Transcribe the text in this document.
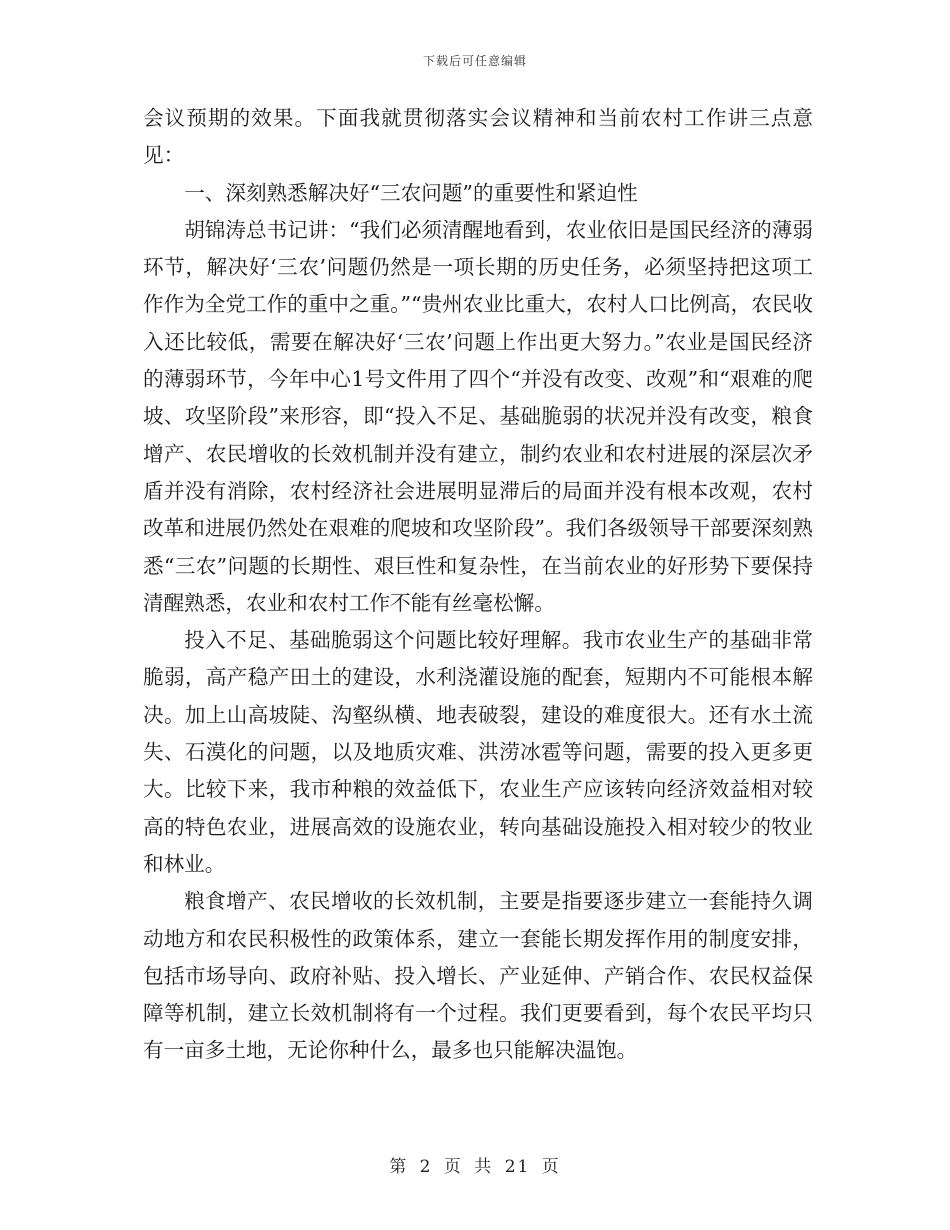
下载后可任意编辑

会议预期的效果。下面我就贯彻落实会议精神和当前农村工作讲三点意见：

一、深刻熟悉解决好“三农问题”的重要性和紧迫性

胡锦涛总书记讲：“我们必须清醒地看到，农业依旧是国民经济的薄弱环节，解决好‘三农’问题仍然是一项长期的历史任务，必须坚持把这项工作作为全党工作的重中之重。”“贵州农业比重大，农村人口比例高，农民收入还比较低，需要在解决好‘三农’问题上作出更大努力。”农业是国民经济的薄弱环节，今年中心1号文件用了四个“并没有改变、改观”和“艰难的爬坡、攻坚阶段”来形容，即“投入不足、基础脆弱的状况并没有改变，粮食增产、农民增收的长效机制并没有建立，制约农业和农村进展的深层次矛盾并没有消除，农村经济社会进展明显滞后的局面并没有根本改观，农村改革和进展仍然处在艰难的爬坡和攻坚阶段”。我们各级领导干部要深刻熟悉“三农”问题的长期性、艰巨性和复杂性，在当前农业的好形势下要保持清醒熟悉，农业和农村工作不能有丝毫松懈。

投入不足、基础脆弱这个问题比较好理解。我市农业生产的基础非常脆弱，高产稳产田土的建设，水利浇灌设施的配套，短期内不可能根本解决。加上山高坡陡、沟壑纵横、地表破裂，建设的难度很大。还有水土流失、石漠化的问题，以及地质灾难、洪涝冰雹等问题，需要的投入更多更大。比较下来，我市种粮的效益低下，农业生产应该转向经济效益相对较高的特色农业，进展高效的设施农业，转向基础设施投入相对较少的牧业和林业。

粮食增产、农民增收的长效机制，主要是指要逐步建立一套能持久调动地方和农民积极性的政策体系，建立一套能长期发挥作用的制度安排，包括市场导向、政府补贴、投入增长、产业延伸、产销合作、农民权益保障等机制，建立长效机制将有一个过程。我们更要看到，每个农民平均只有一亩多土地，无论你种什么，最多也只能解决温饱。

第 2 页 共 21 页
